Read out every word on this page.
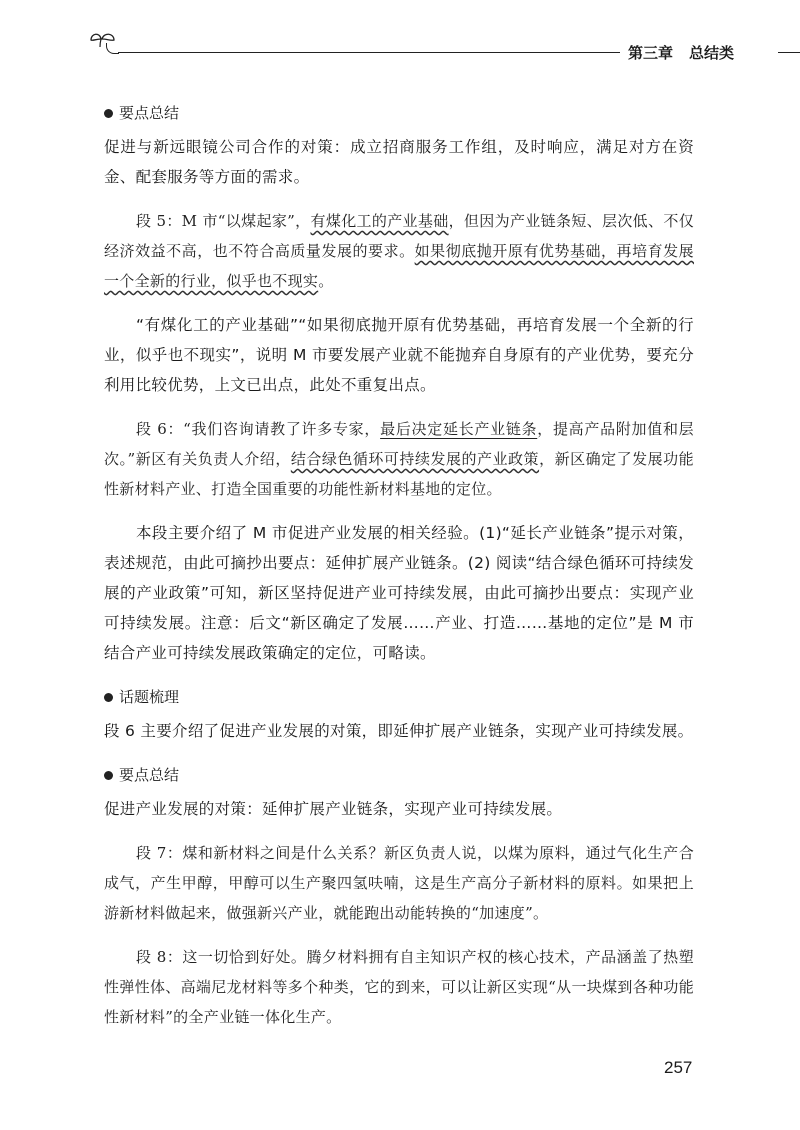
第三章 总结类
要点总结

促进与新远眼镜公司合作的对策：成立招商服务工作组，及时响应，满足对方在资金、配套服务等方面的需求。

段 5：M 市“以煤起家”，有煤化工的产业基础，但因为产业链条短、层次低、不仅经济效益不高，也不符合高质量发展的要求。如果彻底抛开原有优势基础，再培育发展一个全新的行业，似乎也不现实。

“有煤化工的产业基础”“如果彻底抛开原有优势基础，再培育发展一个全新的行业，似乎也不现实”，说明 M 市要发展产业就不能抛弃自身原有的产业优势，要充分利用比较优势，上文已出点，此处不重复出点。

段 6：“我们咨询请教了许多专家，最后决定延长产业链条，提高产品附加值和层次。”新区有关负责人介绍，结合绿色循环可持续发展的产业政策，新区确定了发展功能性新材料产业、打造全国重要的功能性新材料基地的定位。

本段主要介绍了 M 市促进产业发展的相关经验。(1)“延长产业链条”提示对策，表述规范，由此可摘抄出要点：延伸扩展产业链条。(2) 阅读“结合绿色循环可持续发展的产业政策”可知，新区坚持促进产业可持续发展，由此可摘抄出要点：实现产业可持续发展。注意：后文“新区确定了发展……产业、打造……基地的定位”是 M 市结合产业可持续发展政策确定的定位，可略读。

话题梳理

段 6 主要介绍了促进产业发展的对策，即延伸扩展产业链条，实现产业可持续发展。

要点总结

促进产业发展的对策：延伸扩展产业链条，实现产业可持续发展。

段 7：煤和新材料之间是什么关系？新区负责人说，以煤为原料，通过气化生产合成气，产生甲醇，甲醇可以生产聚四氢呋喃，这是生产高分子新材料的原料。如果把上游新材料做起来，做强新兴产业，就能跑出动能转换的“加速度”。

段 8：这一切恰到好处。腾夕材料拥有自主知识产权的核心技术，产品涵盖了热塑性弹性体、高端尼龙材料等多个种类，它的到来，可以让新区实现“从一块煤到各种功能性新材料”的全产业链一体化生产。

257
